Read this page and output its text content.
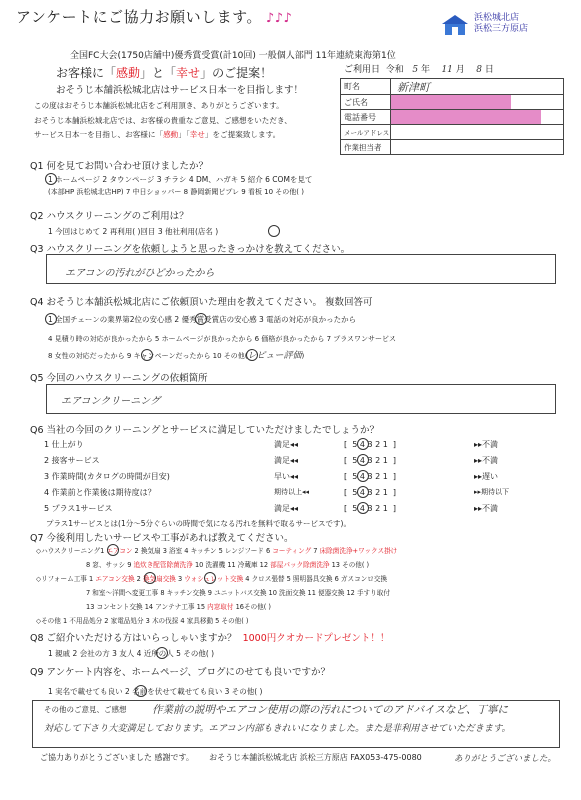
アンケートにご協力お願いします。 ♪♪♪	浜松城北店
浜松三方原店
全国FC大会(1750店舗中)優秀賞受賞(計10回) 一般個人部門 11年連続東海第1位
お客様に「感動」と「幸せ」のご提案！
おそうじ本舗浜松城北店はサービス日本一を目指します！
この度はおそうじ本舗浜松城北店をご利用頂き、ありがとうございます。
おそうじ本舗浜松城北店では、お客様の貴重なご意見、ご感想をいただき、
サービス日本一を目指し、お客様に「感動」「幸せ」をご提案致します。
ご利用日 令和 5 年 11 月 8 日
町名	新津町
ご氏名
電話番号
メールアドレス
作業担当者
Q1 何を見てお問い合わせ頂けましたか？
1 ホームページ 2 タウンページ 3 チラシ 4 DM、ハガキ 5 紹介 6 COMを見て
(本部HP 浜松城北店HP) 7 中日ショッパー 8 静岡新聞ピプレ 9 看板 10 その他( )
Q2 ハウスクリーニングのご利用は？
1 今回はじめて 2 再利用( )回目 3 他社利用(店名 )
Q3 ハウスクリーニングを依頼しようと思ったきっかけを教えてください。
エアコンの汚れがひどかったから
Q4 おそうじ本舗浜松城北店にご依頼頂いた理由を教えてください。 複数回答可
1 全国チェーンの業界第2位の安心感 2 優秀賞受賞店の安心感 3 電話の対応が良かったから
4 見積り時の対応が良かったから 5 ホームページが良かったから 6 価格が良かったから 7 プラスワンサービス
8 女性の対応だったから 9 キャンペーンだったから 10 その他(レビュー評価)
Q5 今回のハウスクリーニングの依頼箇所
エアコンクリーニング
Q6 当社の今回のクリーニングとサービスに満足していただけましたでしょうか？
1 仕上がり	満足◂◂	[  5 4 3 2 1  ]	▸▸不満
2 接客サービス	満足◂◂	[  5 4 3 2 1  ]	▸▸不満
3 作業時間(カタログの時間が目安)	早い◂◂	[  5 4 3 2 1  ]	▸▸遅い
4 作業前と作業後は期待度は？	期待以上◂◂	[  5 4 3 2 1  ]	▸▸期待以下
5 プラス1サービス	満足◂◂	[  5 4 3 2 1  ]	▸▸不満
プラス1サービスとは(1分～5分ぐらいの時間で気になる汚れを無料で取るサービスです)。
Q7 今後利用したいサービスや工事があれば教えてください。
◇ハウスクリーニング1 エアコン 2 換気扇 3 浴室 4 キッチン 5 レンジフード 6 コーティング 7 床除菌洗浄+ワックス掛け
8 窓、サッシ 9 追炊き配管除菌洗浄 10 洗濯機 11 冷蔵庫 12 部屋パック除菌洗浄 13 その他( )
◇リフォーム工事 1 エアコン交換 2 換気扇交換 3 ウォシュレット交換 4 クロス張替 5 照明器具交換 6 ガスコンロ交換
7 和室～洋間へ変更工事 8 キッチン交換 9 ユニットバス交換 10 洗面交換 11 便器交換 12 手すり取付
13 コンセント交換 14 アンテナ工事 15 内窓取付 16その他( )
◇その他 1 不用品処分 2 家電品処分 3 木の伐採 4 家具移動 5 その他( )
Q8 ご紹介いただける方はいらっしゃいますか？ 1000円クオカードプレゼント！！
1 親戚 2 会社の方 3 友人 4 近所の人 5 その他( )
Q9 アンケート内容を、ホームページ、ブログにのせても良いですか？
1 実名で載せても良い 2 名前を伏せて載せても良い 3 その他( )
その他のご意見、ご感想 作業前の説明やエアコン使用の際の汚れについてのアドバイスなど、丁寧に
対応して下さり大変満足しております。エアコン内部もきれいになりました。また是非利用させていただきます。
ありがとうございました。
ご協力ありがとうございました 感謝です。 おそうじ本舗浜松城北店 浜松三方原店 FAX053-475-0080
